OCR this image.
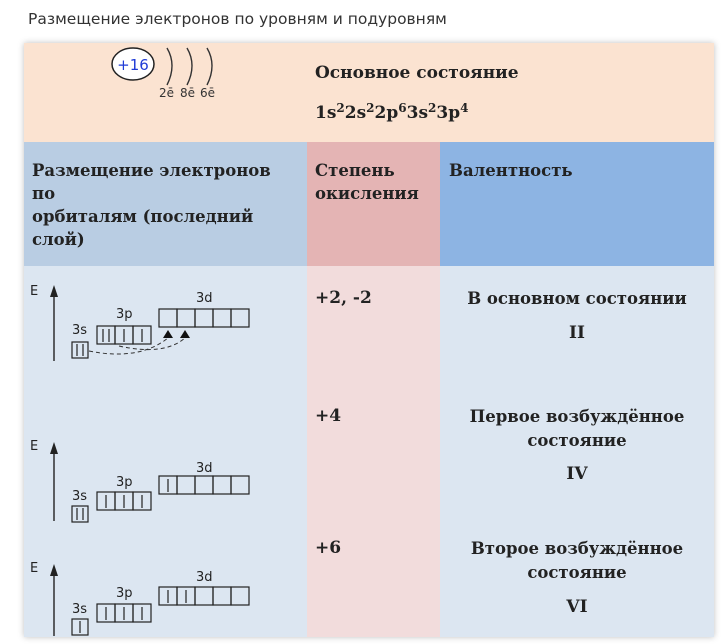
Размещение электронов по уровням и подуровням
+16
2ē 8ē 6ē
Основное состояние
$1s^22s^22p^63s^23p^4$
Размещение электронов
по
орбиталям (последний
слой)
Степень
окисления
Валентность
E
3s
3p
3d
E
3s
3p
3d
E
3s
3p
3d
+2, -2
+4
+6
В основном состоянии
II
Первое возбуждённое
состояние
IV
Второе возбуждённое
состояние
VI
